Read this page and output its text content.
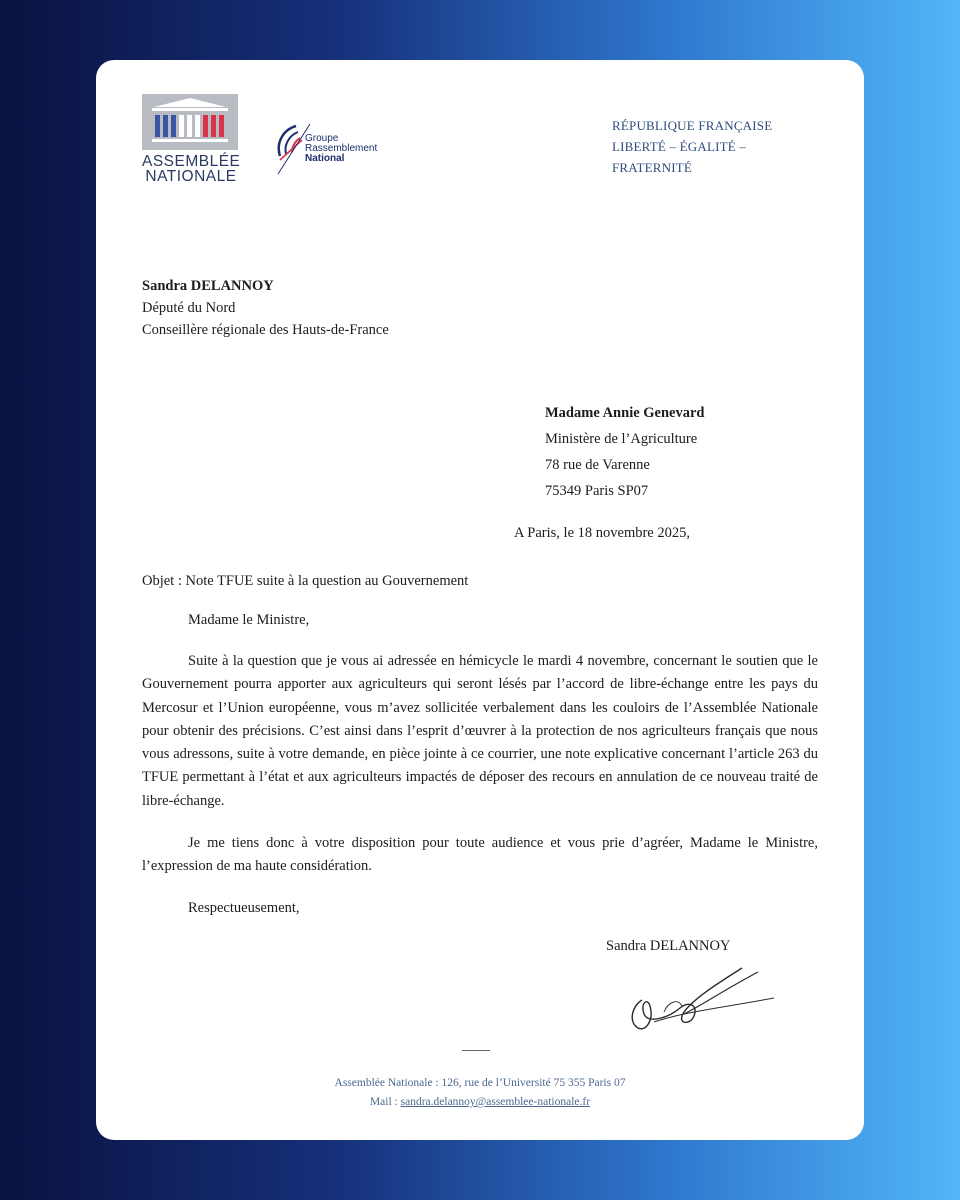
ASSEMBLÉE
NATIONALE
Groupe
Rassemblement
National
RÉPUBLIQUE FRANÇAISE
LIBERTÉ – ÉGALITÉ –
FRATERNITÉ
Sandra DELANNOY
Député du Nord
Conseillère régionale des Hauts-de-France
Madame Annie Genevard
Ministère de l’Agriculture
78 rue de Varenne
75349 Paris SP07
A Paris, le 18 novembre 2025,
Objet : Note TFUE suite à la question au Gouvernement
Madame le Ministre,

Suite à la question que je vous ai adressée en hémicycle le mardi 4 novembre, concernant le soutien que le Gouvernement pourra apporter aux agriculteurs qui seront lésés par l’accord de libre-échange entre les pays du Mercosur et l’Union européenne, vous m’avez sollicitée verbalement dans les couloirs de l’Assemblée Nationale pour obtenir des précisions. C’est ainsi dans l’esprit d’œuvrer à la protection de nos agriculteurs français que nous vous adressons, suite à votre demande, en pièce jointe à ce courrier, une note explicative concernant l’article 263 du TFUE permettant à l’état et aux agriculteurs impactés de déposer des recours en annulation de ce nouveau traité de libre-échange.

Je me tiens donc à votre disposition pour toute audience et vous prie d’agréer, Madame le Ministre, l’expression de ma haute considération.

Respectueusement,
Sandra DELANNOY
Assemblée Nationale : 126, rue de l’Université 75 355 Paris 07
Mail : sandra.delannoy@assemblee-nationale.fr
